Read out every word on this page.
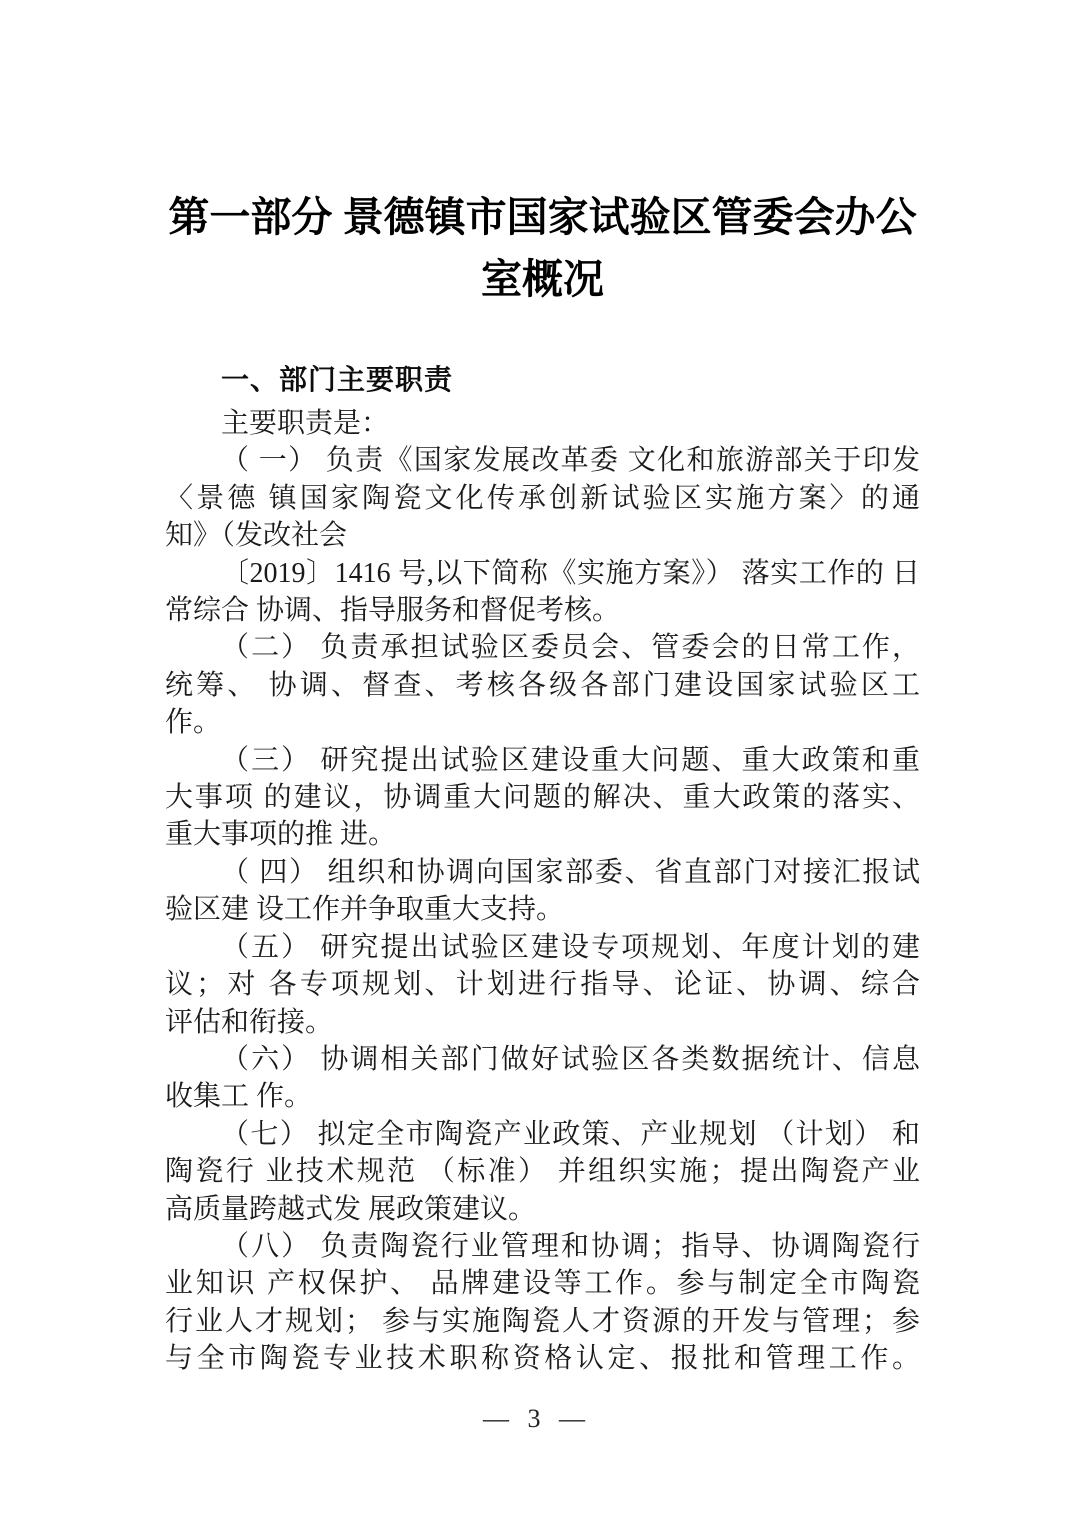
第一部分 景德镇市国家试验区管委会办公
室概况
一、部门主要职责
主要职责是：
（ 一） 负责《国家发展改革委 文化和旅游部关于印发
〈景德 镇国家陶瓷文化传承创新试验区实施方案〉的通
知》（发改社会
〔2019〕1416 号,以下简称《实施方案》） 落实工作的 日
常综合 协调、指导服务和督促考核。
（二） 负责承担试验区委员会、管委会的日常工作，
统筹、 协调、督查、考核各级各部门建设国家试验区工
作。
（三） 研究提出试验区建设重大问题、重大政策和重
大事项 的建议，协调重大问题的解决、重大政策的落实、
重大事项的推 进。
（ 四） 组织和协调向国家部委、省直部门对接汇报试
验区建 设工作并争取重大支持。
（五） 研究提出试验区建设专项规划、年度计划的建
议；对 各专项规划、计划进行指导、论证、协调、综合
评估和衔接。
（六） 协调相关部门做好试验区各类数据统计、信息
收集工 作。
（七） 拟定全市陶瓷产业政策、产业规划 （计划） 和
陶瓷行 业技术规范 （标准） 并组织实施；提出陶瓷产业
高质量跨越式发 展政策建议。
（八） 负责陶瓷行业管理和协调；指导、协调陶瓷行
业知识 产权保护、 品牌建设等工作。参与制定全市陶瓷
行业人才规划； 参与实施陶瓷人才资源的开发与管理；参
与全市陶瓷专业技术职称资格认定、报批和管理工作。
— 3 —
